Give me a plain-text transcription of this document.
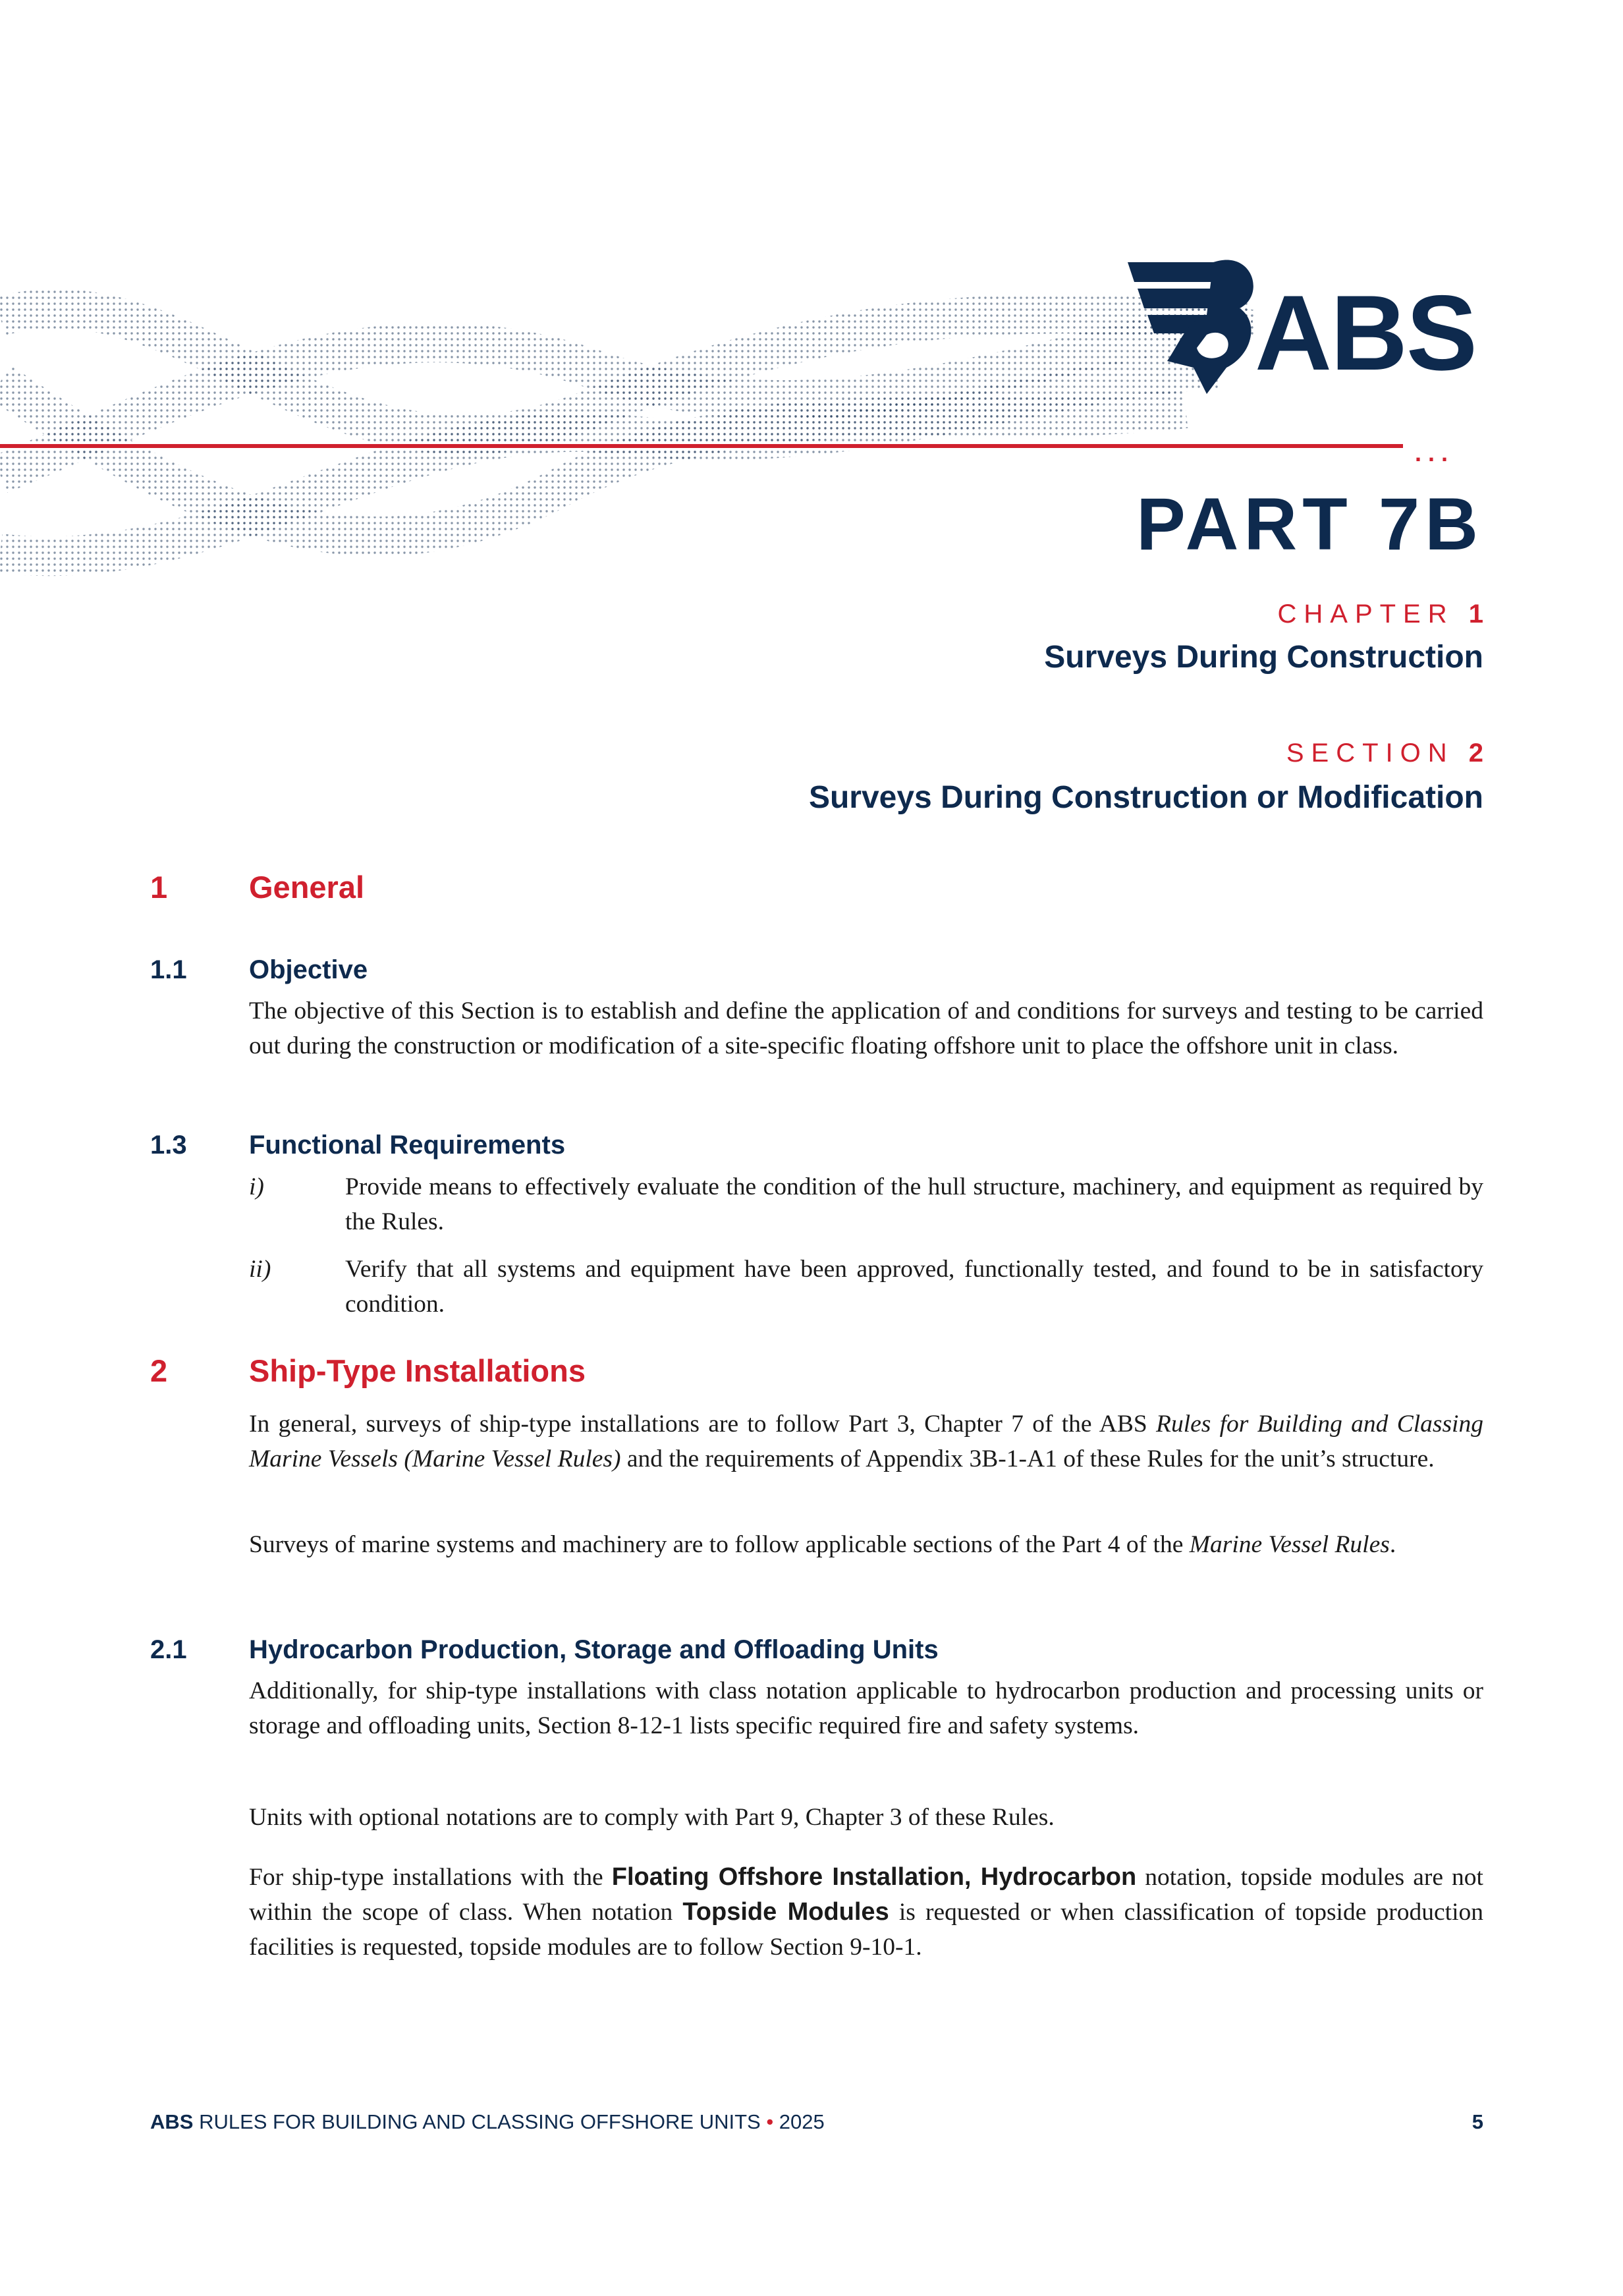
ABS
...
PART 7B
CHAPTER 1
Surveys During Construction
SECTION 2
Surveys During Construction or Modification
1	General
1.1 Objective
The objective of this Section is to establish and define the application of and conditions for surveys and testing to be carried out during the construction or modification of a site-specific floating offshore unit to place the offshore unit in class.
1.3 Functional Requirements
i)	Provide means to effectively evaluate the condition of the hull structure, machinery, and equipment as required by the Rules.
ii)	Verify that all systems and equipment have been approved, functionally tested, and found to be in satisfactory condition.
2	Ship-Type Installations
In general, surveys of ship-type installations are to follow Part 3, Chapter 7 of the ABS Rules for Building and Classing Marine Vessels (Marine Vessel Rules) and the requirements of Appendix 3B-1-A1 of these Rules for the unit’s structure.
Surveys of marine systems and machinery are to follow applicable sections of the Part 4 of the Marine Vessel Rules.
2.1 Hydrocarbon Production, Storage and Offloading Units
Additionally, for ship-type installations with class notation applicable to hydrocarbon production and processing units or storage and offloading units, Section 8-12-1 lists specific required fire and safety systems.
Units with optional notations are to comply with Part 9, Chapter 3 of these Rules.
For ship-type installations with the Floating Offshore Installation, Hydrocarbon notation, topside modules are not within the scope of class. When notation Topside Modules is requested or when classification of topside production facilities is requested, topside modules are to follow Section 9-10-1.
ABS RULES FOR BUILDING AND CLASSING OFFSHORE UNITS • 2025	5
